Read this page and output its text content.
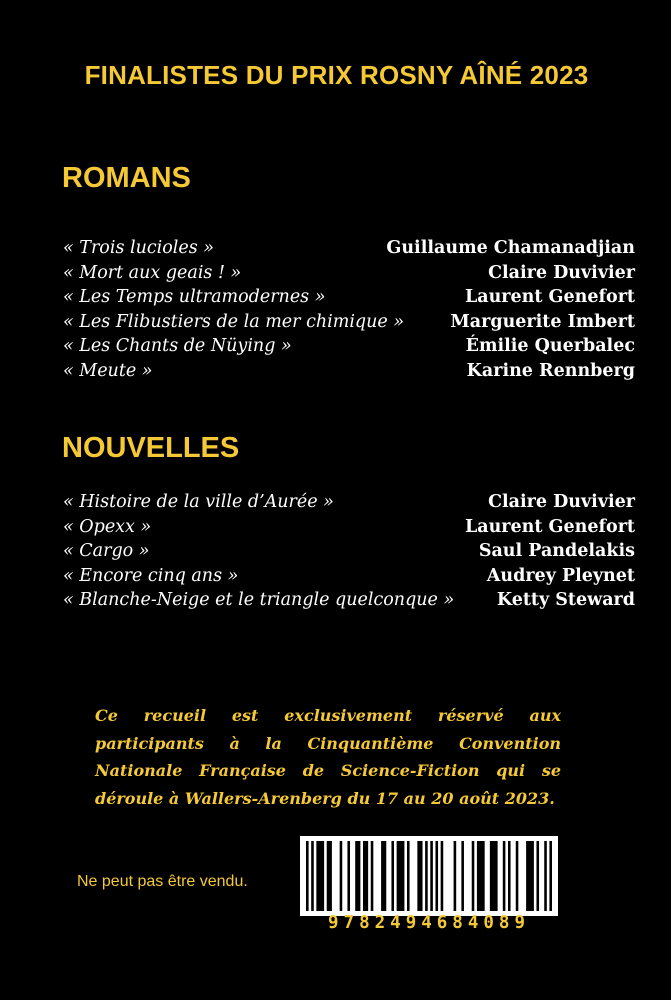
FINALISTES DU PRIX ROSNY AÎNÉ 2023
ROMANS
« Trois lucioles »	Guillaume Chamanadjian
« Mort aux geais ! »	Claire Duvivier
« Les Temps ultramodernes »	Laurent Genefort
« Les Flibustiers de la mer chimique »	Marguerite Imbert
« Les Chants de Nüying »	Émilie Querbalec
« Meute »	Karine Rennberg
NOUVELLES
« Histoire de la ville d’Aurée »	Claire Duvivier
« Opexx »	Laurent Genefort
« Cargo »	Saul Pandelakis
« Encore cinq ans »	Audrey Pleynet
« Blanche-Neige et le triangle quelconque » Ketty Steward

Ce recueil est exclusivement réservé aux participants à la Cinquantième Convention Nationale Française de Science-Fiction qui se déroule à Wallers-Arenberg du 17 au 20 août 2023.

Ne peut pas être vendu.

9782494684089
